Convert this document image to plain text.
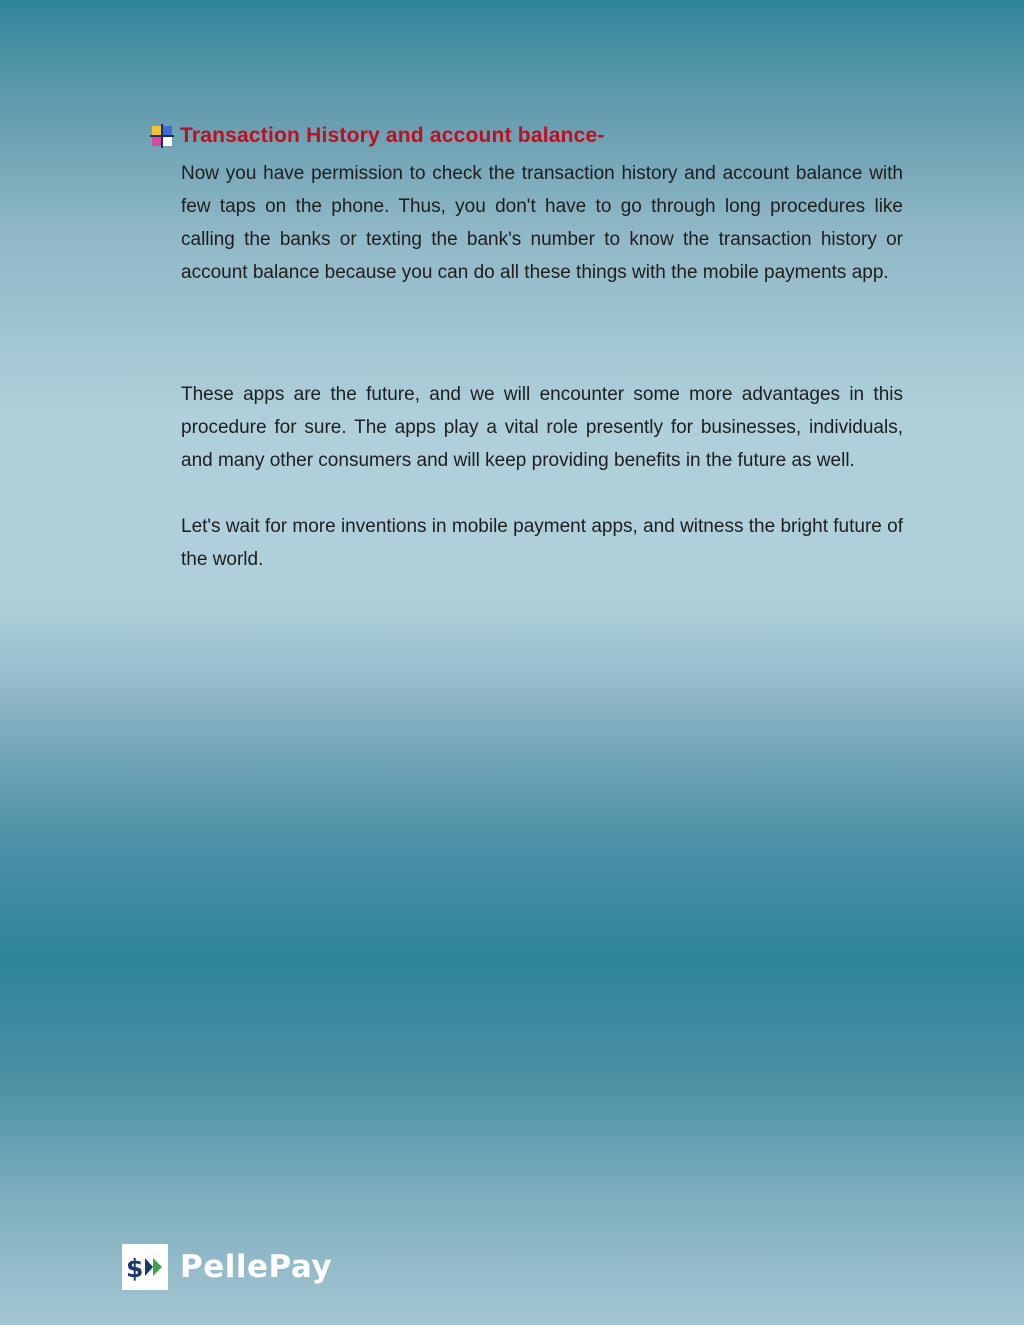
Transaction History and account balance-

Now you have permission to check the transaction history and account balance with few taps on the phone. Thus, you don't have to go through long procedures like calling the banks or texting the bank's number to know the transaction history or account balance because you can do all these things with the mobile payments app.

These apps are the future, and we will encounter some more advantages in this procedure for sure. The apps play a vital role presently for businesses, individuals, and many other consumers and will keep providing benefits in the future as well.

Let's wait for more inventions in mobile payment apps, and witness the bright future of the world.

$ PellePay
